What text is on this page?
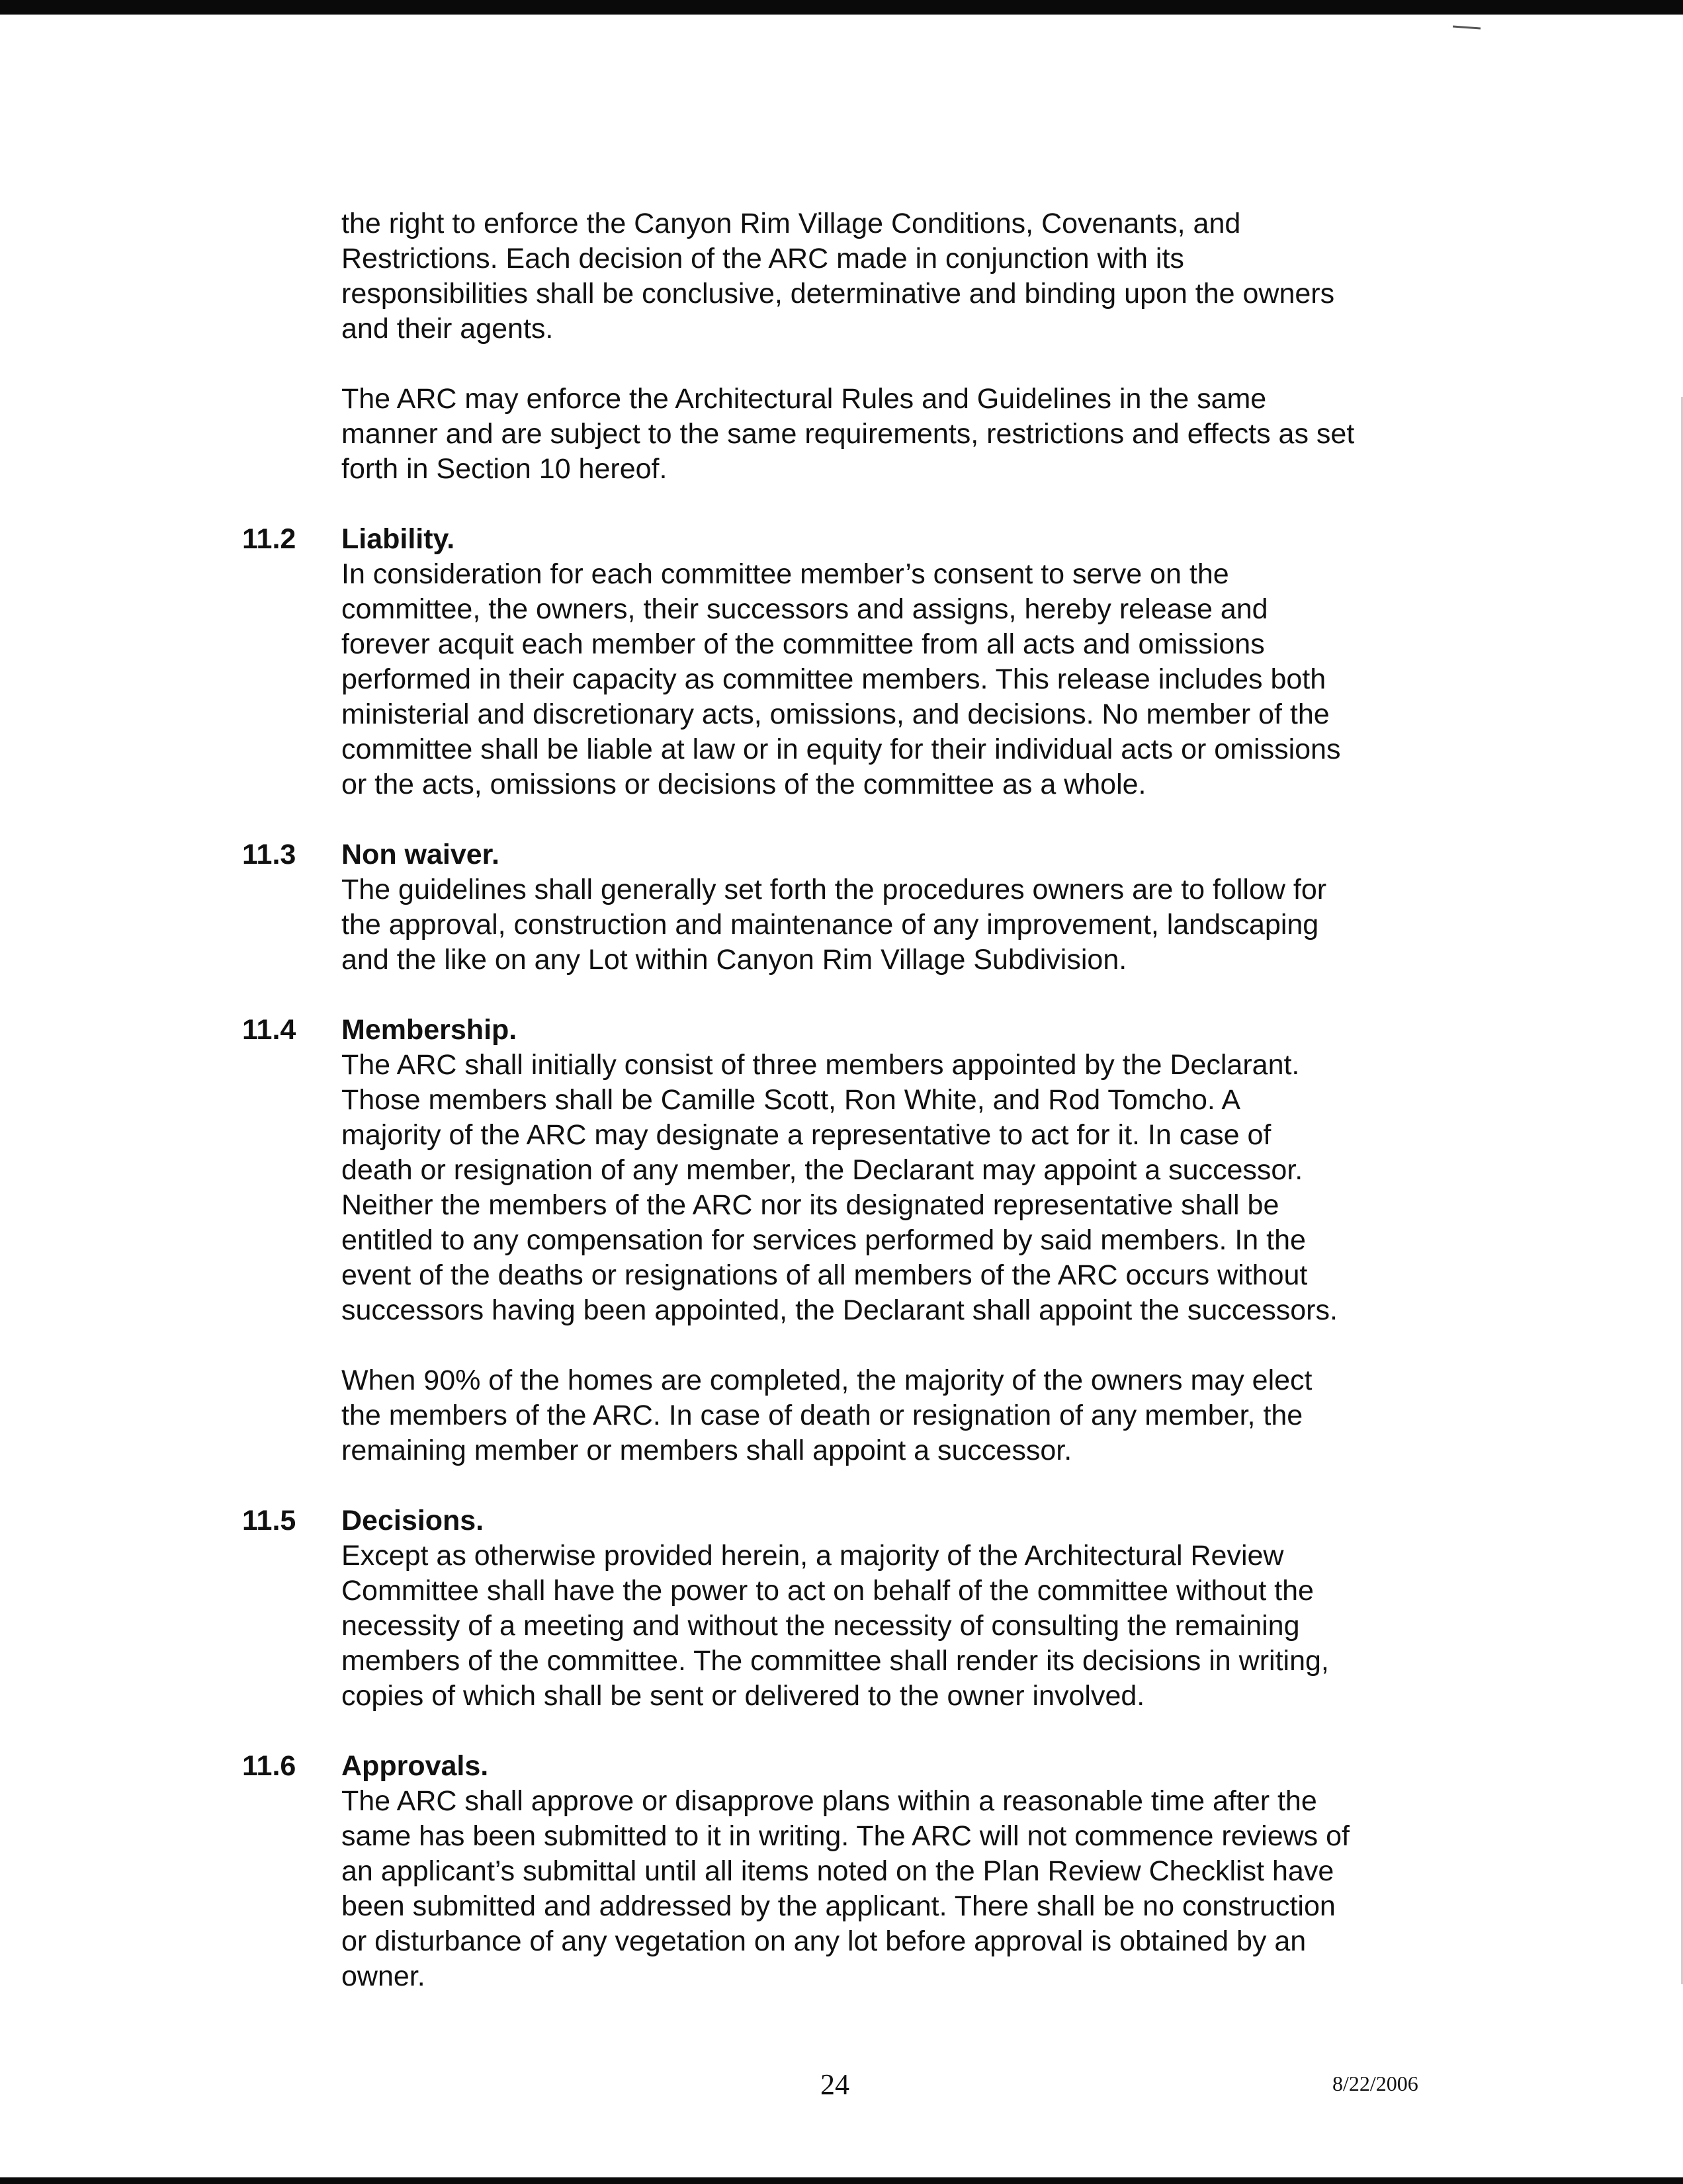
the right to enforce the Canyon Rim Village Conditions, Covenants, and
Restrictions. Each decision of the ARC made in conjunction with its
responsibilities shall be conclusive, determinative and binding upon the owners
and their agents.
The ARC may enforce the Architectural Rules and Guidelines in the same
manner and are subject to the same requirements, restrictions and effects as set
forth in Section 10 hereof.
11.2 Liability.
In consideration for each committee member’s consent to serve on the
committee, the owners, their successors and assigns, hereby release and
forever acquit each member of the committee from all acts and omissions
performed in their capacity as committee members. This release includes both
ministerial and discretionary acts, omissions, and decisions. No member of the
committee shall be liable at law or in equity for their individual acts or omissions
or the acts, omissions or decisions of the committee as a whole.
11.3 Non waiver.
The guidelines shall generally set forth the procedures owners are to follow for
the approval, construction and maintenance of any improvement, landscaping
and the like on any Lot within Canyon Rim Village Subdivision.
11.4 Membership.
The ARC shall initially consist of three members appointed by the Declarant.
Those members shall be Camille Scott, Ron White, and Rod Tomcho. A
majority of the ARC may designate a representative to act for it. In case of
death or resignation of any member, the Declarant may appoint a successor.
Neither the members of the ARC nor its designated representative shall be
entitled to any compensation for services performed by said members. In the
event of the deaths or resignations of all members of the ARC occurs without
successors having been appointed, the Declarant shall appoint the successors.
When 90% of the homes are completed, the majority of the owners may elect
the members of the ARC. In case of death or resignation of any member, the
remaining member or members shall appoint a successor.
11.5 Decisions.
Except as otherwise provided herein, a majority of the Architectural Review
Committee shall have the power to act on behalf of the committee without the
necessity of a meeting and without the necessity of consulting the remaining
members of the committee. The committee shall render its decisions in writing,
copies of which shall be sent or delivered to the owner involved.
11.6 Approvals.
The ARC shall approve or disapprove plans within a reasonable time after the
same has been submitted to it in writing. The ARC will not commence reviews of
an applicant’s submittal until all items noted on the Plan Review Checklist have
been submitted and addressed by the applicant. There shall be no construction
or disturbance of any vegetation on any lot before approval is obtained by an
owner.
24	8/22/2006
